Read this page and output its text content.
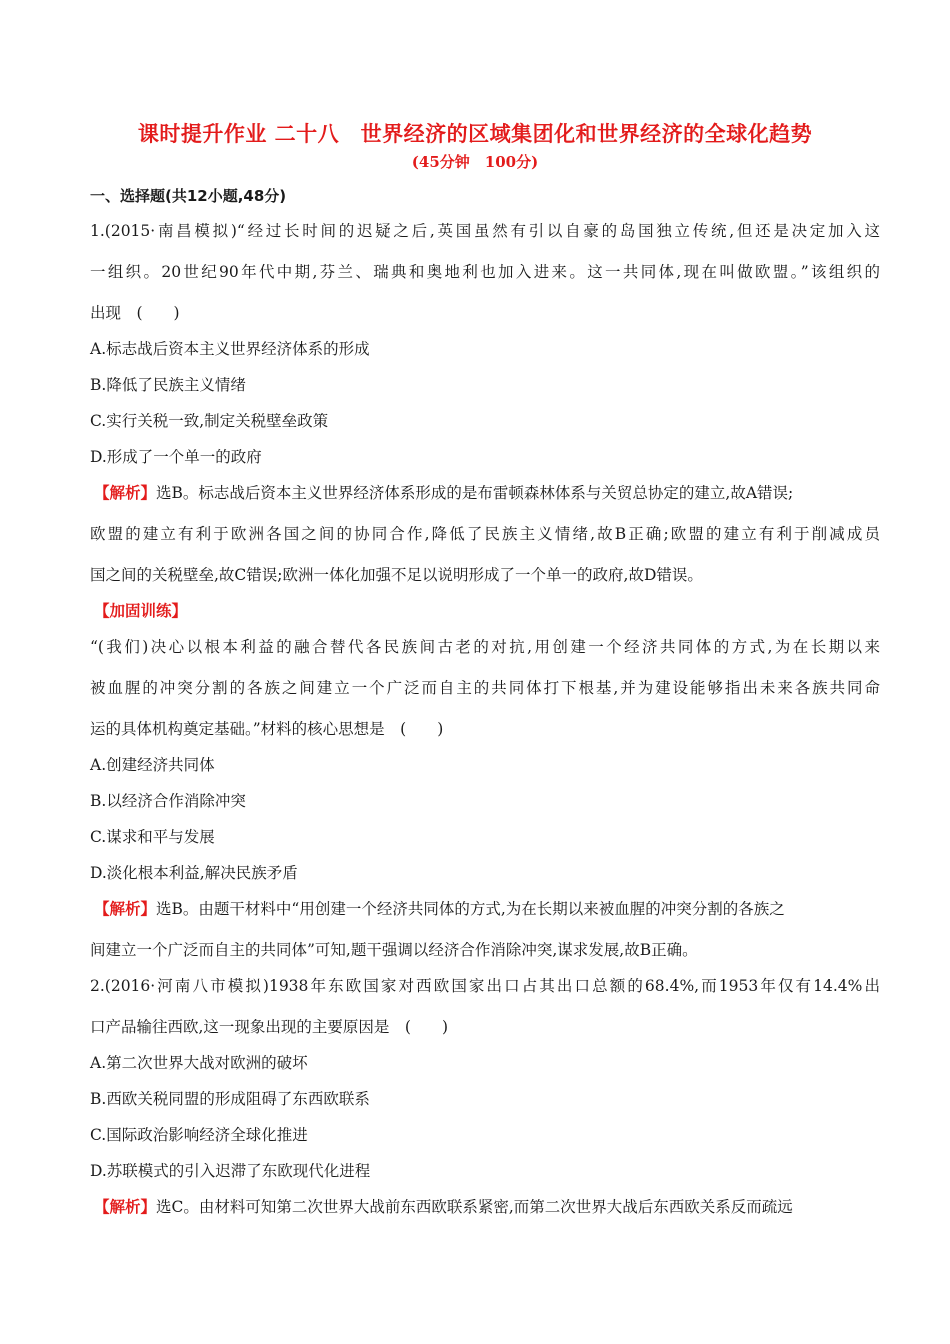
课时提升作业 二十八　世界经济的区域集团化和世界经济的全球化趋势
(45分钟　100分)
一、选择题(共12小题,48分)
1.(2015·南昌模拟)“经过长时间的迟疑之后,英国虽然有引以自豪的岛国独立传统,但还是决定加入这
一组织。20世纪90年代中期,芬兰、瑞典和奥地利也加入进来。这一共同体,现在叫做欧盟。”该组织的
出现　(　　)
A.标志战后资本主义世界经济体系的形成
B.降低了民族主义情绪
C.实行关税一致,制定关税壁垒政策
D.形成了一个单一的政府
【解析】选B。标志战后资本主义世界经济体系形成的是布雷顿森林体系与关贸总协定的建立,故A错误;
欧盟的建立有利于欧洲各国之间的协同合作,降低了民族主义情绪,故B正确;欧盟的建立有利于削减成员
国之间的关税壁垒,故C错误;欧洲一体化加强不足以说明形成了一个单一的政府,故D错误。
【加固训练】
“(我们)决心以根本利益的融合替代各民族间古老的对抗,用创建一个经济共同体的方式,为在长期以来
被血腥的冲突分割的各族之间建立一个广泛而自主的共同体打下根基,并为建设能够指出未来各族共同命
运的具体机构奠定基础。”材料的核心思想是　(　　)
A.创建经济共同体
B.以经济合作消除冲突
C.谋求和平与发展
D.淡化根本利益,解决民族矛盾
【解析】选B。由题干材料中“用创建一个经济共同体的方式,为在长期以来被血腥的冲突分割的各族之
间建立一个广泛而自主的共同体”可知,题干强调以经济合作消除冲突,谋求发展,故B正确。
2.(2016·河南八市模拟)1938年东欧国家对西欧国家出口占其出口总额的68.4%,而1953年仅有14.4%出
口产品输往西欧,这一现象出现的主要原因是　(　　)
A.第二次世界大战对欧洲的破坏
B.西欧关税同盟的形成阻碍了东西欧联系
C.国际政治影响经济全球化推进
D.苏联模式的引入迟滞了东欧现代化进程
【解析】选C。由材料可知第二次世界大战前东西欧联系紧密,而第二次世界大战后东西欧关系反而疏远
